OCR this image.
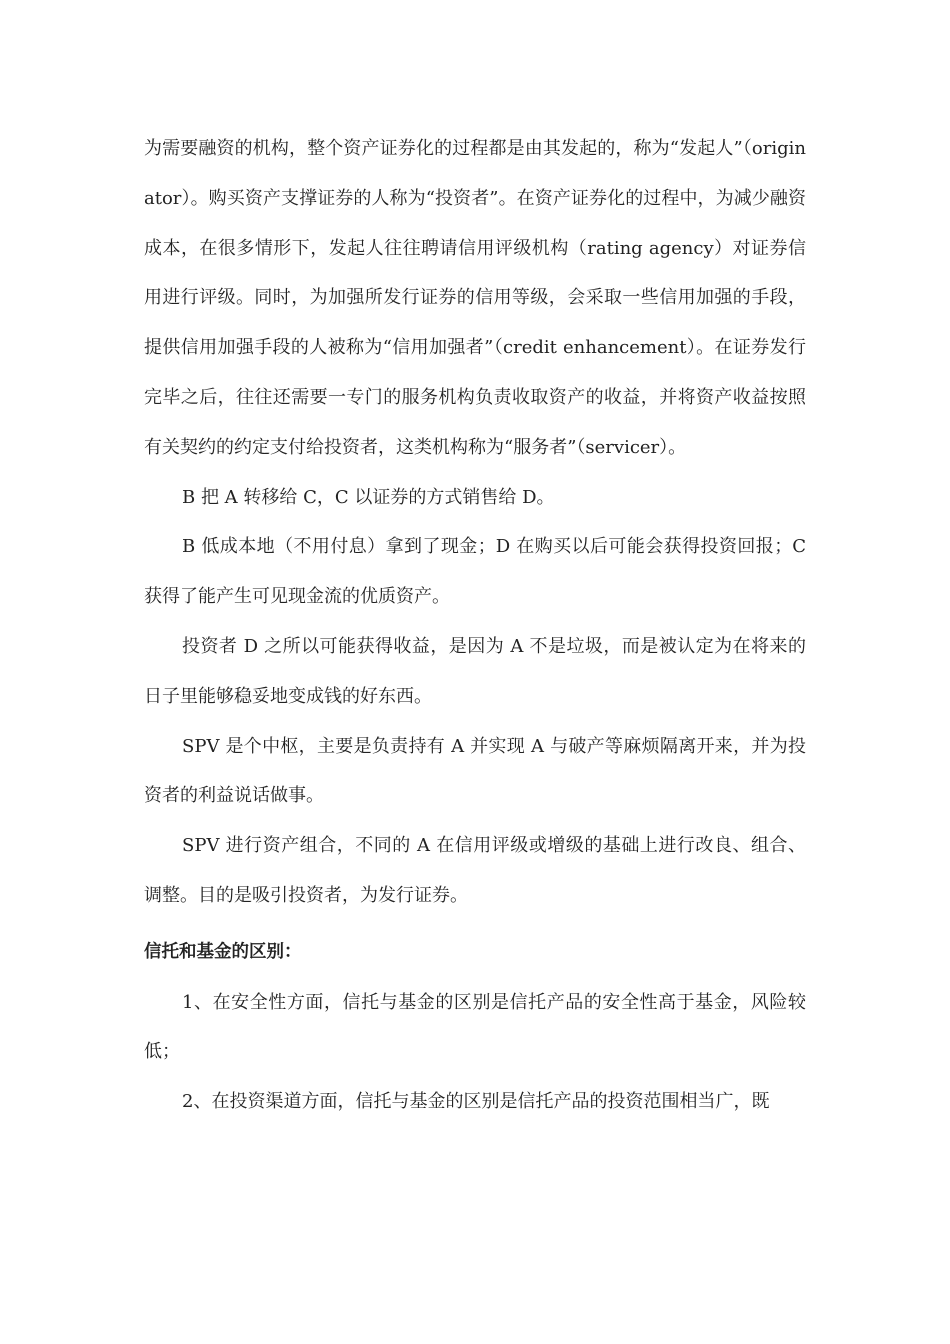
为需要融资的机构，整个资产证券化的过程都是由其发起的，称为“发起人”（originator）。购买资产支撑证券的人称为“投资者”。在资产证券化的过程中，为减少融资成本，在很多情形下，发起人往往聘请信用评级机构（rating agency）对证券信用进行评级。同时，为加强所发行证券的信用等级，会采取一些信用加强的手段，提供信用加强手段的人被称为“信用加强者”（credit enhancement）。在证券发行完毕之后，往往还需要一专门的服务机构负责收取资产的收益，并将资产收益按照有关契约的约定支付给投资者，这类机构称为“服务者”（servicer）。

B 把 A 转移给 C，C 以证券的方式销售给 D。

B 低成本地（不用付息）拿到了现金；D 在购买以后可能会获得投资回报；C 获得了能产生可见现金流的优质资产。

投资者 D 之所以可能获得收益，是因为 A 不是垃圾，而是被认定为在将来的日子里能够稳妥地变成钱的好东西。

SPV 是个中枢，主要是负责持有 A 并实现 A 与破产等麻烦隔离开来，并为投资者的利益说话做事。

SPV 进行资产组合，不同的 A 在信用评级或增级的基础上进行改良、组合、调整。目的是吸引投资者，为发行证券。

信托和基金的区别：

1、在安全性方面，信托与基金的区别是信托产品的安全性高于基金，风险较低；

2、在投资渠道方面，信托与基金的区别是信托产品的投资范围相当广，既
